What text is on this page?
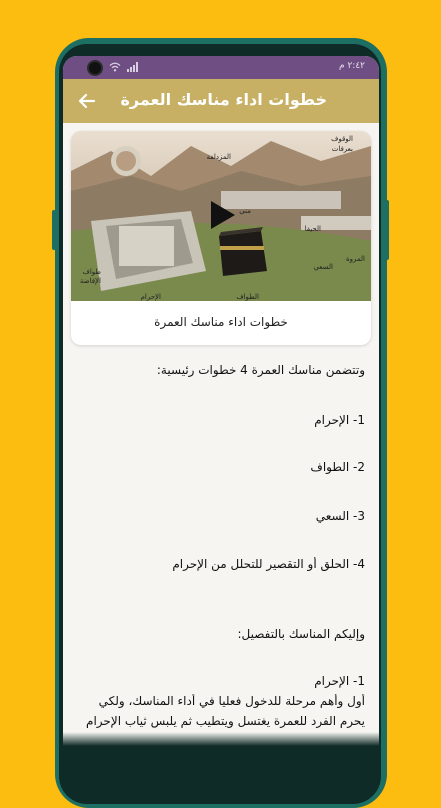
٢:٤٢ م
خطوات اداء مناسك العمرة
الوقوف
بعرفات
المزدلفة
منى
طواف
الإفاضة
الإحرام	الطواف
المروة
السعي
الحيفا
خطوات اداء مناسك العمرة
وتتضمن مناسك العمرة 4 خطوات رئيسية:
1- الإحرام
2- الطواف
3- السعي
4- الحلق أو التقصير للتحلل من الإحرام
وإليكم المناسك بالتفصيل:
1- الإحرام
أول وأهم مرحلة للدخول فعليا في أداء المناسك، ولكي
يحرم الفرد للعمرة يغتسل ويتطيب ثم يلبس ثياب الإحرام
